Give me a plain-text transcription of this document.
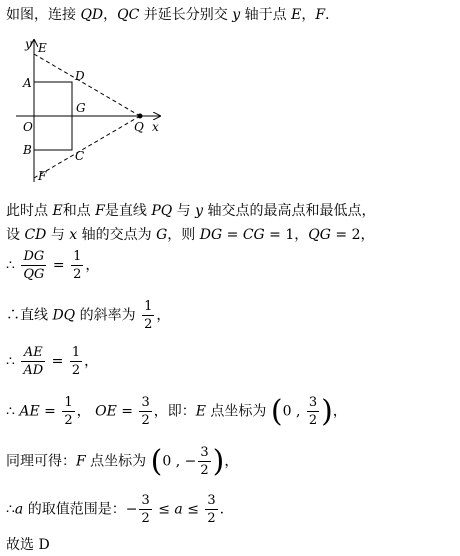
如图，连接 QD，QC 并延长分别交 y 轴于点 E，F.
y E
A	D
G
O	Q x
B	C
F
此时点 E和点 F是直线 PQ 与 y 轴交点的最高点和最低点，
设 CD 与 x 轴的交点为 G，则 DG = CG = 1，QG = 2，
∴ $\frac{DG}{QG} = \frac{1}{2}$ ，
∴直线 DQ 的斜率为 $\frac{1}{2}$ ，
∴ $\frac{AE}{AD} = \frac{1}{2}$ ，
∴ AE = $\frac{1}{2}$ ， OE = $\frac{3}{2}$ ，即：E 点坐标为 (0 , $\frac{3}{2}$ )，
同理可得：F 点坐标为 (0 , − $\frac{3}{2}$ )，
∴a 的取值范围是：− $\frac{3}{2} \le a \le \frac{3}{2}$ .
故选 D
